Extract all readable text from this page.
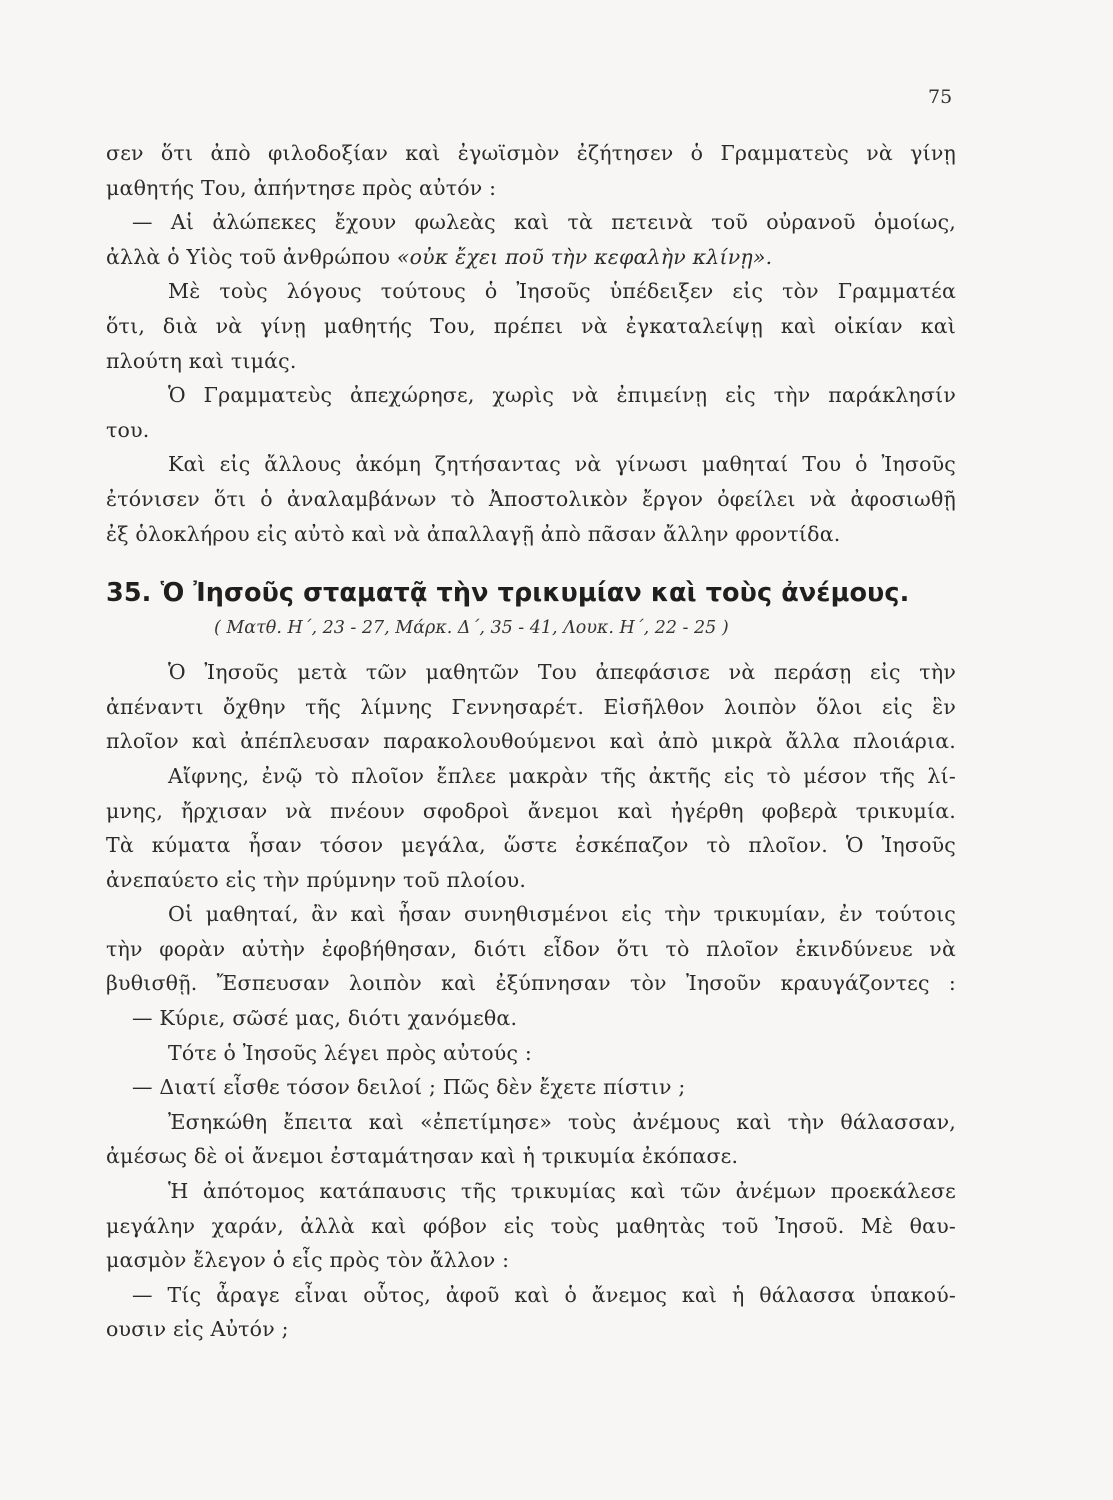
75
σεν ὅτι ἀπὸ φιλοδοξίαν καὶ ἐγωϊσμὸν ἐζήτησεν ὁ Γραμματεὺς νὰ γίνῃ
μαθητής Του, ἀπήντησε πρὸς αὐτόν :
— Αἱ ἀλώπεκες ἔχουν φωλεὰς καὶ τὰ πετεινὰ τοῦ οὐρανοῦ ὁμοίως,
ἀλλὰ ὁ Υἱὸς τοῦ ἀνθρώπου «οὐκ ἔχει ποῦ τὴν κεφαλὴν κλίνῃ».
Μὲ τοὺς λόγους τούτους ὁ Ἰησοῦς ὑπέδειξεν εἰς τὸν Γραμματέα
ὅτι, διὰ νὰ γίνῃ μαθητής Του, πρέπει νὰ ἐγκαταλείψῃ καὶ οἰκίαν καὶ
πλούτη καὶ τιμάς.
Ὁ Γραμματεὺς ἀπεχώρησε, χωρὶς νὰ ἐπιμείνῃ εἰς τὴν παράκλησίν
του.
Καὶ εἰς ἄλλους ἀκόμη ζητήσαντας νὰ γίνωσι μαθηταί Του ὁ Ἰησοῦς
ἐτόνισεν ὅτι ὁ ἀναλαμβάνων τὸ Ἀποστολικὸν ἔργον ὀφείλει νὰ ἀφοσιωθῇ
ἐξ ὁλοκλήρου εἰς αὐτὸ καὶ νὰ ἀπαλλαγῇ ἀπὸ πᾶσαν ἄλλην φροντίδα.
35. Ὁ Ἰησοῦς σταματᾷ τὴν τρικυμίαν καὶ τοὺς ἀνέμους.
( Ματθ. Η΄, 23 - 27, Μάρκ. Δ΄, 35 - 41, Λουκ. Η΄, 22 - 25 )
Ὁ Ἰησοῦς μετὰ τῶν μαθητῶν Του ἀπεφάσισε νὰ περάσῃ εἰς τὴν
ἀπέναντι ὄχθην τῆς λίμνης Γεννησαρέτ. Εἰσῆλθον λοιπὸν ὅλοι εἰς ἓν
πλοῖον καὶ ἀπέπλευσαν παρακολουθούμενοι καὶ ἀπὸ μικρὰ ἄλλα πλοιάρια.
Αἴφνης, ἐνῷ τὸ πλοῖον ἔπλεε μακρὰν τῆς ἀκτῆς εἰς τὸ μέσον τῆς λί-
μνης, ἤρχισαν νὰ πνέουν σφοδροὶ ἄνεμοι καὶ ἠγέρθη φοβερὰ τρικυμία.
Τὰ κύματα ἦσαν τόσον μεγάλα, ὥστε ἐσκέπαζον τὸ πλοῖον. Ὁ Ἰησοῦς
ἀνεπαύετο εἰς τὴν πρύμνην τοῦ πλοίου.
Οἱ μαθηταί, ἂν καὶ ἦσαν συνηθισμένοι εἰς τὴν τρικυμίαν, ἐν τούτοις
τὴν φορὰν αὐτὴν ἐφοβήθησαν, διότι εἶδον ὅτι τὸ πλοῖον ἐκινδύνευε νὰ
βυθισθῇ. Ἔσπευσαν λοιπὸν καὶ ἐξύπνησαν τὸν Ἰησοῦν κραυγάζοντες :
— Κύριε, σῶσέ μας, διότι χανόμεθα.
Τότε ὁ Ἰησοῦς λέγει πρὸς αὐτούς :
— Διατί εἶσθε τόσον δειλοί ; Πῶς δὲν ἔχετε πίστιν ;
Ἐσηκώθη ἔπειτα καὶ «ἐπετίμησε» τοὺς ἀνέμους καὶ τὴν θάλασσαν,
ἀμέσως δὲ οἱ ἄνεμοι ἐσταμάτησαν καὶ ἡ τρικυμία ἐκόπασε.
Ἡ ἀπότομος κατάπαυσις τῆς τρικυμίας καὶ τῶν ἀνέμων προεκάλεσε
μεγάλην χαράν, ἀλλὰ καὶ φόβον εἰς τοὺς μαθητὰς τοῦ Ἰησοῦ. Μὲ θαυ-
μασμὸν ἔλεγον ὁ εἷς πρὸς τὸν ἄλλον :
— Τίς ἆραγε εἶναι οὗτος, ἀφοῦ καὶ ὁ ἄνεμος καὶ ἡ θάλασσα ὑπακού-
ουσιν εἰς Αὐτόν ;
